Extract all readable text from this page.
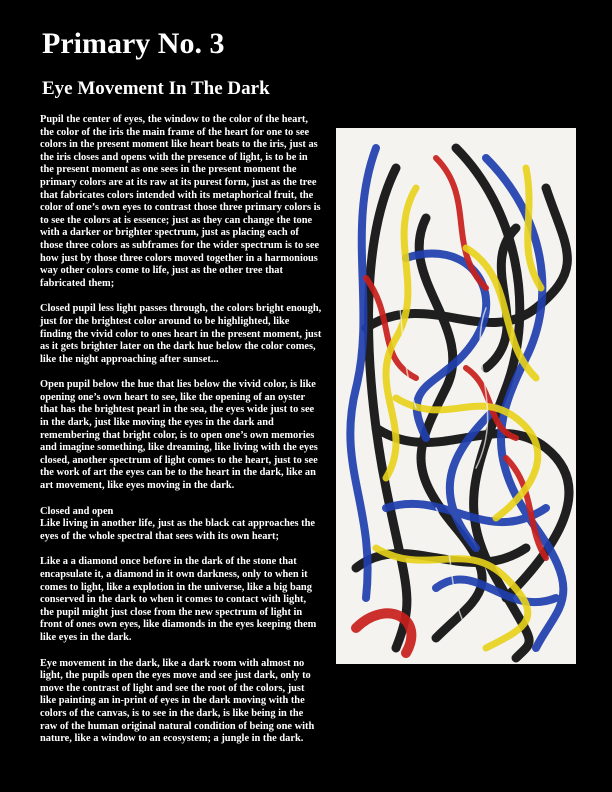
Primary No. 3
Eye Movement In The Dark

Pupil the center of eyes, the window to the color of the heart, the color of the iris the main frame of the heart for one to see colors in the present moment like heart beats to the iris, just as the iris closes and opens with the presence of light, is to be in the present moment as one sees in the present moment the primary colors are at its raw at its purest form, just as the tree that fabricates colors intended with its metaphorical fruit, the color of one’s own eyes to contrast those three primary colors is to see the colors at is essence; just as they can change the tone with a darker or brighter spectrum, just as placing each of those three colors as subframes for the wider spectrum is to see how just by those three colors moved together in a harmonious way other colors come to life, just as the other tree that fabricated them;

Closed pupil less light passes through, the colors bright enough, just for the brightest color around to be highlighted, like finding the vivid color to ones heart in the present moment, just as it gets brighter later on the dark hue below the color comes, like the night approaching after sunset...

Open pupil below the hue that lies below the vivid color, is like opening one’s own heart to see, like the opening of an oyster that has the brightest pearl in the sea, the eyes wide just to see in the dark, just like moving the eyes in the dark and remembering that bright color, is to open one’s own memories and imagine something, like dreaming, like living with the eyes closed, another spectrum of light comes to the heart, just to see the work of art the eyes can be to the heart in the dark, like an art movement, like eyes moving in the dark.

Closed and open
Like living in another life, just as the black cat approaches the eyes of the whole spectral that sees with its own heart;

Like a a diamond once before in the dark of the stone that encapsulate it, a diamond in it own darkness, only to when it comes to light, like a explotion in the universe, like a big bang conserved in the dark to when it comes to contact with light, the pupil might just close from the new spectrum of light in front of ones own eyes, like diamonds in the eyes keeping them like eyes in the dark.

Eye movement in the dark, like a dark room with almost no light, the pupils open the eyes move and see just dark, only to move the contrast of light and see the root of the colors, just like painting an in-print of eyes in the dark moving with the colors of the canvas, is to see in the dark, is like being in the raw of the human original natural condition of being one with nature, like a window to an ecosystem; a jungle in the dark.
